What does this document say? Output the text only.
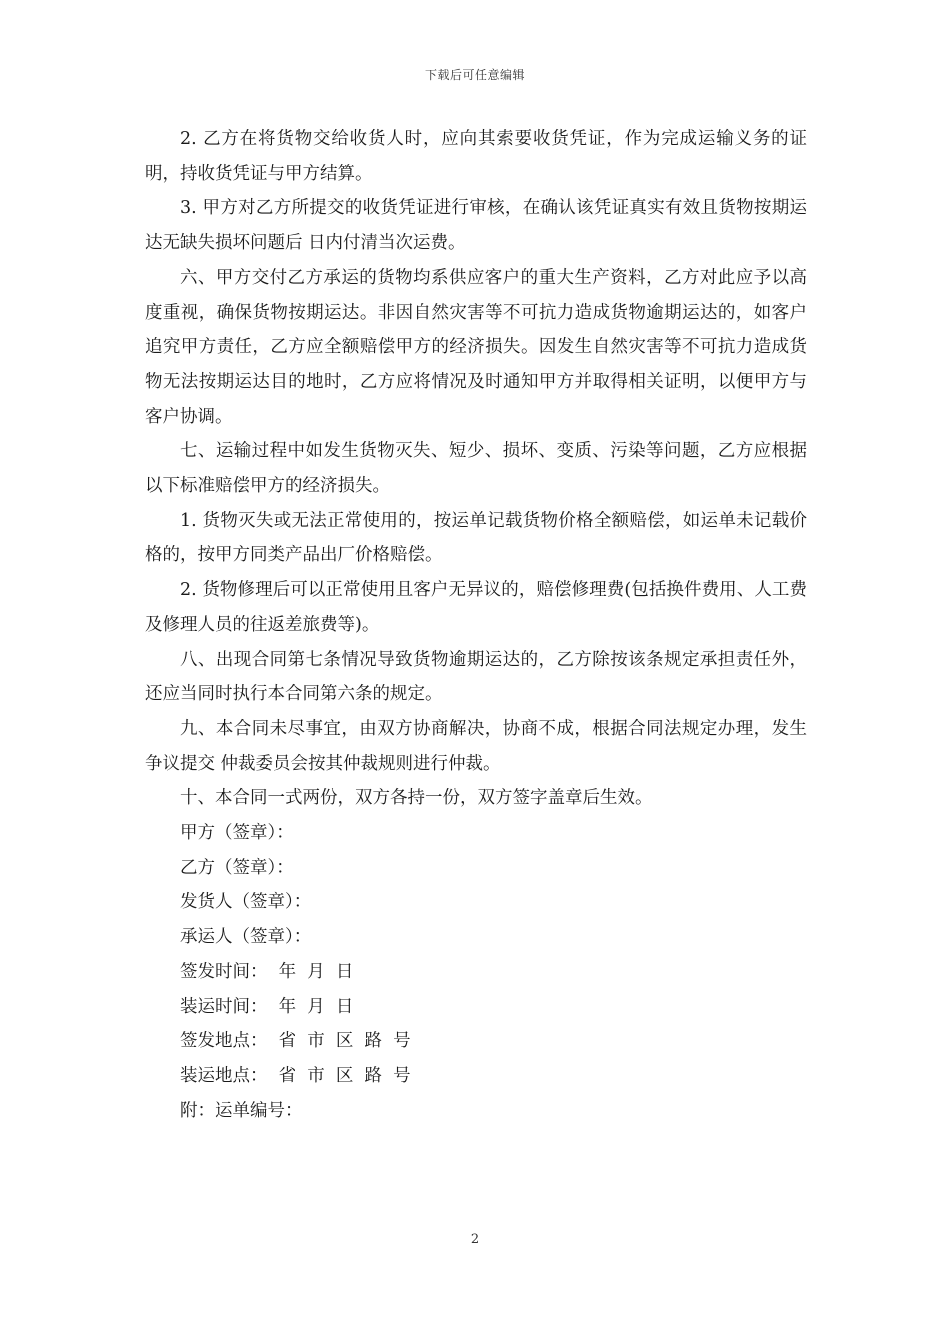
下载后可任意编辑

2. 乙方在将货物交给收货人时，应向其索要收货凭证，作为完成运输义务的证明，持收货凭证与甲方结算。

3. 甲方对乙方所提交的收货凭证进行审核，在确认该凭证真实有效且货物按期运达无缺失损坏问题后 日内付清当次运费。

六、甲方交付乙方承运的货物均系供应客户的重大生产资料，乙方对此应予以高度重视，确保货物按期运达。非因自然灾害等不可抗力造成货物逾期运达的，如客户追究甲方责任，乙方应全额赔偿甲方的经济损失。因发生自然灾害等不可抗力造成货物无法按期运达目的地时，乙方应将情况及时通知甲方并取得相关证明，以便甲方与客户协调。

七、运输过程中如发生货物灭失、短少、损坏、变质、污染等问题，乙方应根据以下标准赔偿甲方的经济损失。

1. 货物灭失或无法正常使用的，按运单记载货物价格全额赔偿，如运单未记载价格的，按甲方同类产品出厂价格赔偿。

2. 货物修理后可以正常使用且客户无异议的，赔偿修理费(包括换件费用、人工费及修理人员的往返差旅费等)。

八、出现合同第七条情况导致货物逾期运达的，乙方除按该条规定承担责任外，还应当同时执行本合同第六条的规定。

九、本合同未尽事宜，由双方协商解决，协商不成，根据合同法规定办理，发生争议提交 仲裁委员会按其仲裁规则进行仲裁。

十、本合同一式两份，双方各持一份，双方签字盖章后生效。

甲方（签章）：

乙方（签章）：

发货人（签章）：

承运人（签章）：

签发时间：  年  月  日

装运时间：  年  月  日

签发地点：  省  市  区  路  号

装运地点：  省  市  区  路  号

附：运单编号：

2
